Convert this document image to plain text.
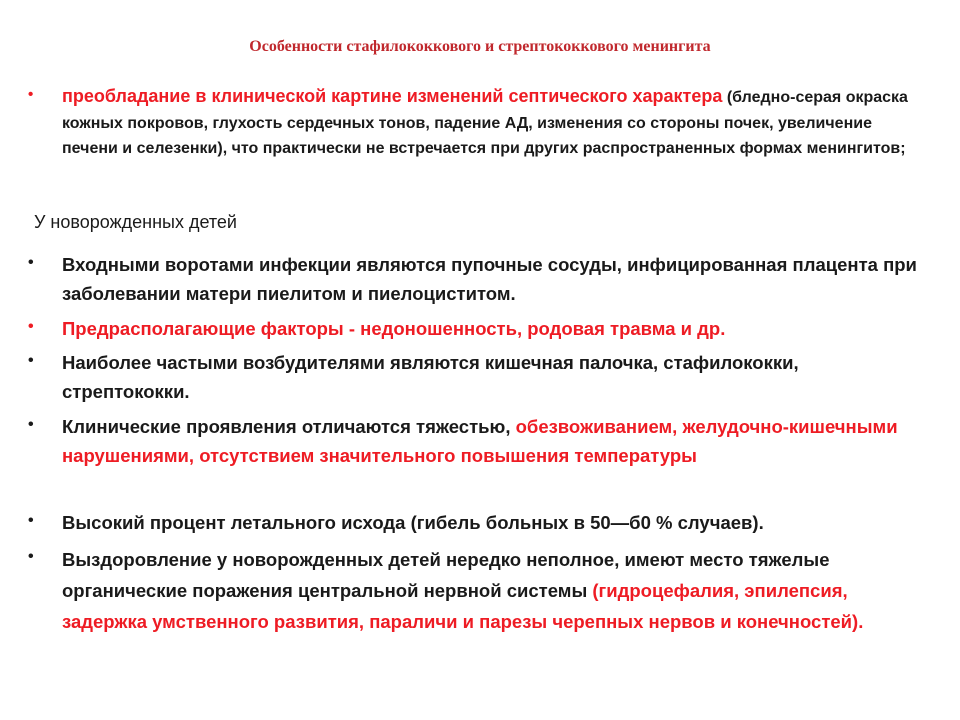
Особенности стафилококкового и стрептококкового менингита
• преобладание в клинической картине изменений септического характера (бледно-серая окраска кожных покровов, глухость сердечных тонов, падение АД, изменения со стороны почек, увеличение печени и селезенки), что практически не встречается при других распространенных формах менингитов;
У новорожденных детей
• Входными воротами инфекции являются пупочные сосуды, инфицированная плацента при заболевании матери пиелитом и пиелоциститом.
• Предрасполагающие факторы - недоношенность, родовая травма и др.
• Наиболее частыми возбудителями являются кишечная палочка, стафилококки, стрептококки.
• Клинические проявления отличаются тяжестью, обезвоживанием, желудочно-кишечными нарушениями, отсутствием значительного повышения температуры
• Высокий процент летального исхода (гибель больных в 50—б0 % случаев).
• Выздоровление у новорожденных детей нередко неполное, имеют место тяжелые органические поражения центральной нервной системы (гидроцефалия, эпилепсия, задержка умственного развития, параличи и парезы черепных нервов и конечностей).
